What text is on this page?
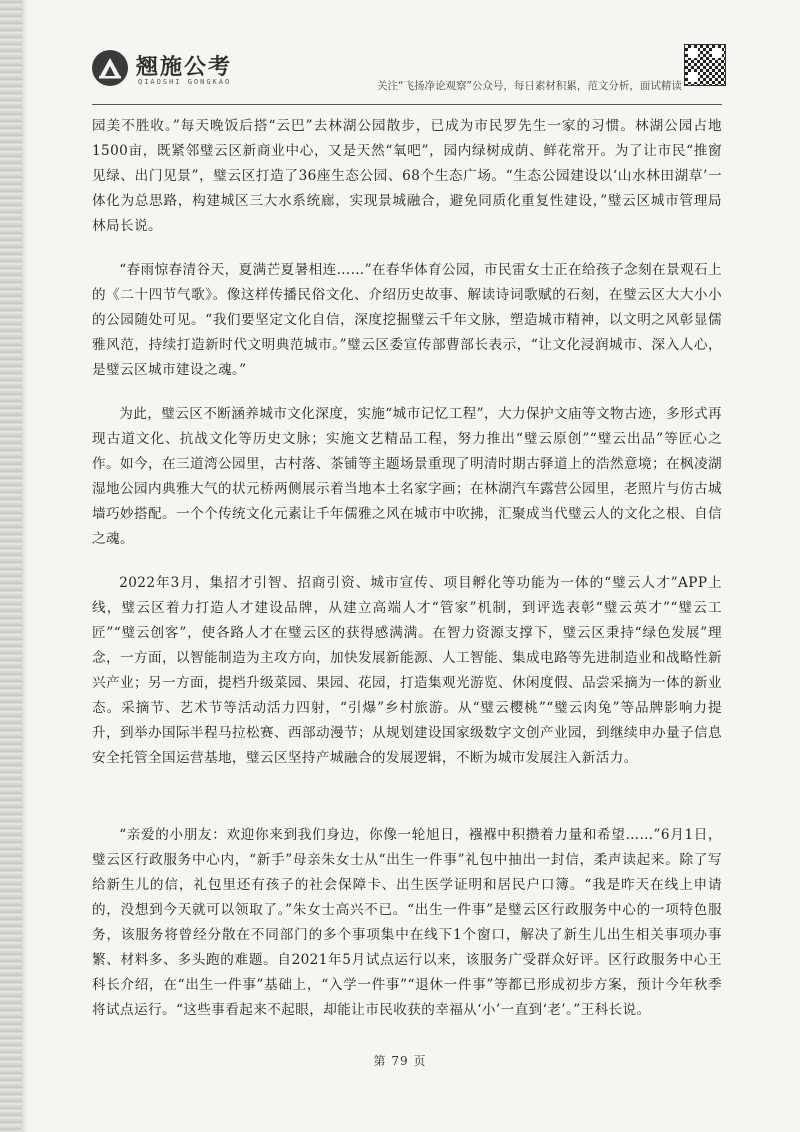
翘施公考
QIAOSHI GONGKAO	关注“飞扬净论观察”公众号，每日素材积累，范文分析，面试精读

园美不胜收。”每天晚饭后搭“云巴”去林湖公园散步，已成为市民罗先生一家的习惯。林湖公园占地1500亩，既紧邻璧云区新商业中心，又是天然“氧吧”，园内绿树成荫、鲜花常开。为了让市民“推窗见绿、出门见景”，璧云区打造了36座生态公园、68个生态广场。“生态公园建设以‘山水林田湖草’一体化为总思路，构建城区三大水系统廊，实现景城融合，避免同质化重复性建设，”璧云区城市管理局林局长说。

“春雨惊春清谷天，夏满芒夏暑相连……”在春华体育公园，市民雷女士正在给孩子念刻在景观石上的《二十四节气歌》。像这样传播民俗文化、介绍历史故事、解读诗词歌赋的石刻，在璧云区大大小小的公园随处可见。“我们要坚定文化自信，深度挖掘璧云千年文脉，塑造城市精神，以文明之风彰显儒雅风范，持续打造新时代文明典范城市。”璧云区委宣传部曹部长表示，“让文化浸润城市、深入人心，是璧云区城市建设之魂。”

为此，璧云区不断涵养城市文化深度，实施“城市记忆工程”，大力保护文庙等文物古迹，多形式再现古道文化、抗战文化等历史文脉；实施文艺精品工程，努力推出“璧云原创”“璧云出品”等匠心之作。如今，在三道湾公园里，古村落、茶铺等主题场景重现了明清时期古驿道上的浩然意境；在枫凌湖湿地公园内典雅大气的状元桥两侧展示着当地本土名家字画；在林湖汽车露营公园里，老照片与仿古城墙巧妙搭配。一个个传统文化元素让千年儒雅之风在城市中吹拂，汇聚成当代璧云人的文化之根、自信之魂。

2022年3月，集招才引智、招商引资、城市宣传、项目孵化等功能为一体的“璧云人才”APP上线，璧云区着力打造人才建设品牌，从建立高端人才“管家”机制，到评选表彰“璧云英才”“璧云工匠”“璧云创客”，使各路人才在璧云区的获得感满满。在智力资源支撑下，璧云区秉持“绿色发展”理念，一方面，以智能制造为主攻方向，加快发展新能源、人工智能、集成电路等先进制造业和战略性新兴产业；另一方面，提档升级菜园、果园、花园，打造集观光游览、休闲度假、品尝采摘为一体的新业态。采摘节、艺术节等活动活力四射，“引爆”乡村旅游。从“璧云樱桃”“璧云肉兔”等品牌影响力提升，到举办国际半程马拉松赛、西部动漫节；从规划建设国家级数字文创产业园，到继续申办量子信息安全托管全国运营基地，璧云区坚持产城融合的发展逻辑，不断为城市发展注入新活力。

“亲爱的小朋友：欢迎你来到我们身边，你像一轮旭日，襁褓中积攒着力量和希望……”6月1日，璧云区行政服务中心内，“新手”母亲朱女士从“出生一件事”礼包中抽出一封信，柔声读起来。除了写给新生儿的信，礼包里还有孩子的社会保障卡、出生医学证明和居民户口簿。“我是昨天在线上申请的，没想到今天就可以领取了。”朱女士高兴不已。“出生一件事”是璧云区行政服务中心的一项特色服务，该服务将曾经分散在不同部门的多个事项集中在线下1个窗口，解决了新生儿出生相关事项办事繁、材料多、多头跑的难题。自2021年5月试点运行以来，该服务广受群众好评。区行政服务中心王科长介绍，在“出生一件事”基础上，“入学一件事”“退休一件事”等都已形成初步方案，预计今年秋季将试点运行。“这些事看起来不起眼，却能让市民收获的幸福从‘小’一直到‘老’。”王科长说。

第 79 页
